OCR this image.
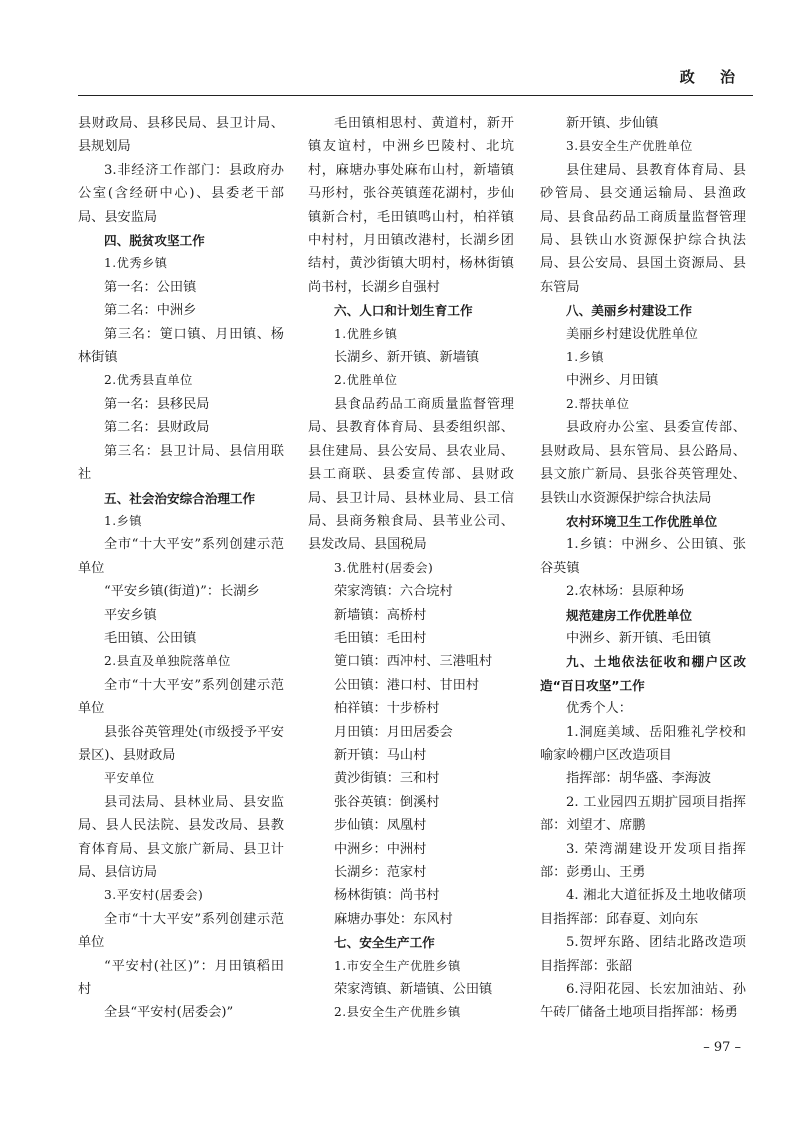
政 治

县财政局、县移民局、县卫计局、县规划局

3.非经济工作部门：县政府办公室(含经研中心)、县委老干部局、县安监局

四、脱贫攻坚工作

1.优秀乡镇

第一名：公田镇

第二名：中洲乡

第三名：筻口镇、月田镇、杨林街镇

2.优秀县直单位

第一名：县移民局

第二名：县财政局

第三名：县卫计局、县信用联社

五、社会治安综合治理工作

1.乡镇

全市“十大平安”系列创建示范单位

“平安乡镇(街道)”：长湖乡

平安乡镇

毛田镇、公田镇

2.县直及单独院落单位

全市“十大平安”系列创建示范单位

县张谷英管理处(市级授予平安景区)、县财政局

平安单位

县司法局、县林业局、县安监局、县人民法院、县发改局、县教育体育局、县文旅广新局、县卫计局、县信访局

3.平安村(居委会)

全市“十大平安”系列创建示范单位

“平安村(社区)”：月田镇稻田村

全县“平安村(居委会)”

毛田镇相思村、黄道村，新开镇友谊村，中洲乡巴陵村、北坑村，麻塘办事处麻布山村，新墙镇马形村，张谷英镇莲花湖村，步仙镇新合村，毛田镇鸣山村，柏祥镇中村村，月田镇改港村，长湖乡团结村，黄沙街镇大明村，杨林街镇尚书村，长湖乡自强村

六、人口和计划生育工作

1.优胜乡镇

长湖乡、新开镇、新墙镇

2.优胜单位

县食品药品工商质量监督管理局、县教育体育局、县委组织部、县住建局、县公安局、县农业局、县工商联、县委宣传部、县财政局、县卫计局、县林业局、县工信局、县商务粮食局、县苇业公司、县发改局、县国税局

3.优胜村(居委会)

荣家湾镇：六合垸村

新墙镇：高桥村

毛田镇：毛田村

筻口镇：西冲村、三港咀村

公田镇：港口村、甘田村

柏祥镇：十步桥村

月田镇：月田居委会

新开镇：马山村

黄沙街镇：三和村

张谷英镇：倒溪村

步仙镇：凤凰村

中洲乡：中洲村

长湖乡：范家村

杨林街镇：尚书村

麻塘办事处：东风村

七、安全生产工作

1.市安全生产优胜乡镇

荣家湾镇、新墙镇、公田镇

2.县安全生产优胜乡镇

新开镇、步仙镇

3.县安全生产优胜单位

县住建局、县教育体育局、县砂管局、县交通运输局、县渔政局、县食品药品工商质量监督管理局、县铁山水资源保护综合执法局、县公安局、县国土资源局、县东管局

八、美丽乡村建设工作

美丽乡村建设优胜单位

1.乡镇

中洲乡、月田镇

2.帮扶单位

县政府办公室、县委宣传部、县财政局、县东管局、县公路局、县文旅广新局、县张谷英管理处、县铁山水资源保护综合执法局

农村环境卫生工作优胜单位

1.乡镇：中洲乡、公田镇、张谷英镇

2.农林场：县原种场

规范建房工作优胜单位

中洲乡、新开镇、毛田镇

九、土地依法征收和棚户区改造“百日攻坚”工作

优秀个人：

1.洞庭美域、岳阳雅礼学校和喻家岭棚户区改造项目

指挥部：胡华盛、李海波

2. 工业园四五期扩园项目指挥部：刘望才、席鹏

3. 荣湾湖建设开发项目指挥部：彭勇山、王勇

4. 湘北大道征拆及土地收储项目指挥部：邱春夏、刘向东

5.贺坪东路、团结北路改造项目指挥部：张韶

6.浔阳花园、长宏加油站、孙午砖厂储备土地项目指挥部：杨勇

– 97 –
